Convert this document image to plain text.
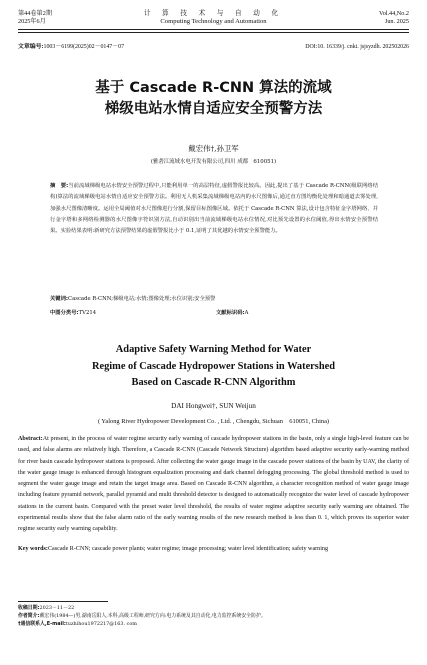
第44卷第2期
2025年6月
计 算 技 术 与 自 动 化
Computing Technology and Automation
Vol.44,No.2
Jun. 2025
文章编号:1003－6199(2025)02－0147－07	DOI:10. 16339/j. cnki. jsjsyzdh. 202502026
基于 Cascade R-CNN 算法的流域
梯级电站水情自适应安全预警方法
戴宏伟†,孙卫军
(雅砻江流域水电开发有限公司,四川 成都　610051)
摘　要:当前流域梯级电站水情安全预警过程中,只能利用单一的高层特征,虚假警报比较高。因此,提出了基于 Cascade R-CNN(级联网络结构)算法的流域梯级电站水情自适应安全预警方法。利用无人机采集流域梯级电站内的水尺图像后,通过直方图均衡化处理和暗通道去雾处理,加强水尺图像清晰度。运用全局阈值对水尺图像进行分割,保留目标图像区域。依托于 Cascade R-CNN 算法,设计包含特征金字塔网络、并行金字塔和多网络检测器的水尺图像字符识别方法,自动识别出当前流域梯级电站水位情况,对比预先设置的水位阈值,得出水情安全预警结果。实验结果表明:新研究方法预警结果的虚假警报比小于 0.1,证明了其优越的水情安全预警能力。
关键词:Cascade R-CNN;梯级电站;水情;图像处理;水位识别;安全预警
中图分类号:TV214	文献标识码:A
Adaptive Safety Warning Method for Water
Regime of Cascade Hydropower Stations in Watershed
Based on Cascade R-CNN Algorithm
DAI Hongwei†, SUN Weijun
( Yalong River Hydropower Development Co. , Ltd. , Chengdu, Sichuan　610051, China)
Abstract:At present, in the process of water regime security early warning of cascade hydropower stations in the basin, only a single high-level feature can be used, and false alarms are relatively high. Therefore, a Cascade R-CNN (Cascade Network Structure) algorithm based adaptive security early-warning method for river basin cascade hydropower stations is proposed. After collecting the water gauge image in the cascade power stations of the basin by UAV, the clarity of the water gauge image is enhanced through histogram equalization processing and dark channel defogging processing. The global threshold method is used to segment the water gauge image and retain the target image area. Based on Cascade R-CNN algorithm, a character recognition method of water gauge image including feature pyramid network, parallel pyramid and multi threshold detector is designed to automatically recognize the water level of cascade hydropower stations in the current basin. Compared with the preset water level threshold, the results of water regime adaptive security early warning are obtained. The experimental results show that the false alarm ratio of the early warning results of the new research method is less than 0. 1, which proves its superior water regime security early warning capability.
Key words:Cascade R-CNN; cascade power plants; water regime; image processing; water level identification; safety warning
收稿日期:2023－11－22
作者简介:戴宏伟(1984—)男,湖南岳阳人,本科,高级工程师,研究方向:电力系统及其自动化,电力监控系统安全防护。
†通信联系人,E-mail:tuzhihou1972217@163. com
